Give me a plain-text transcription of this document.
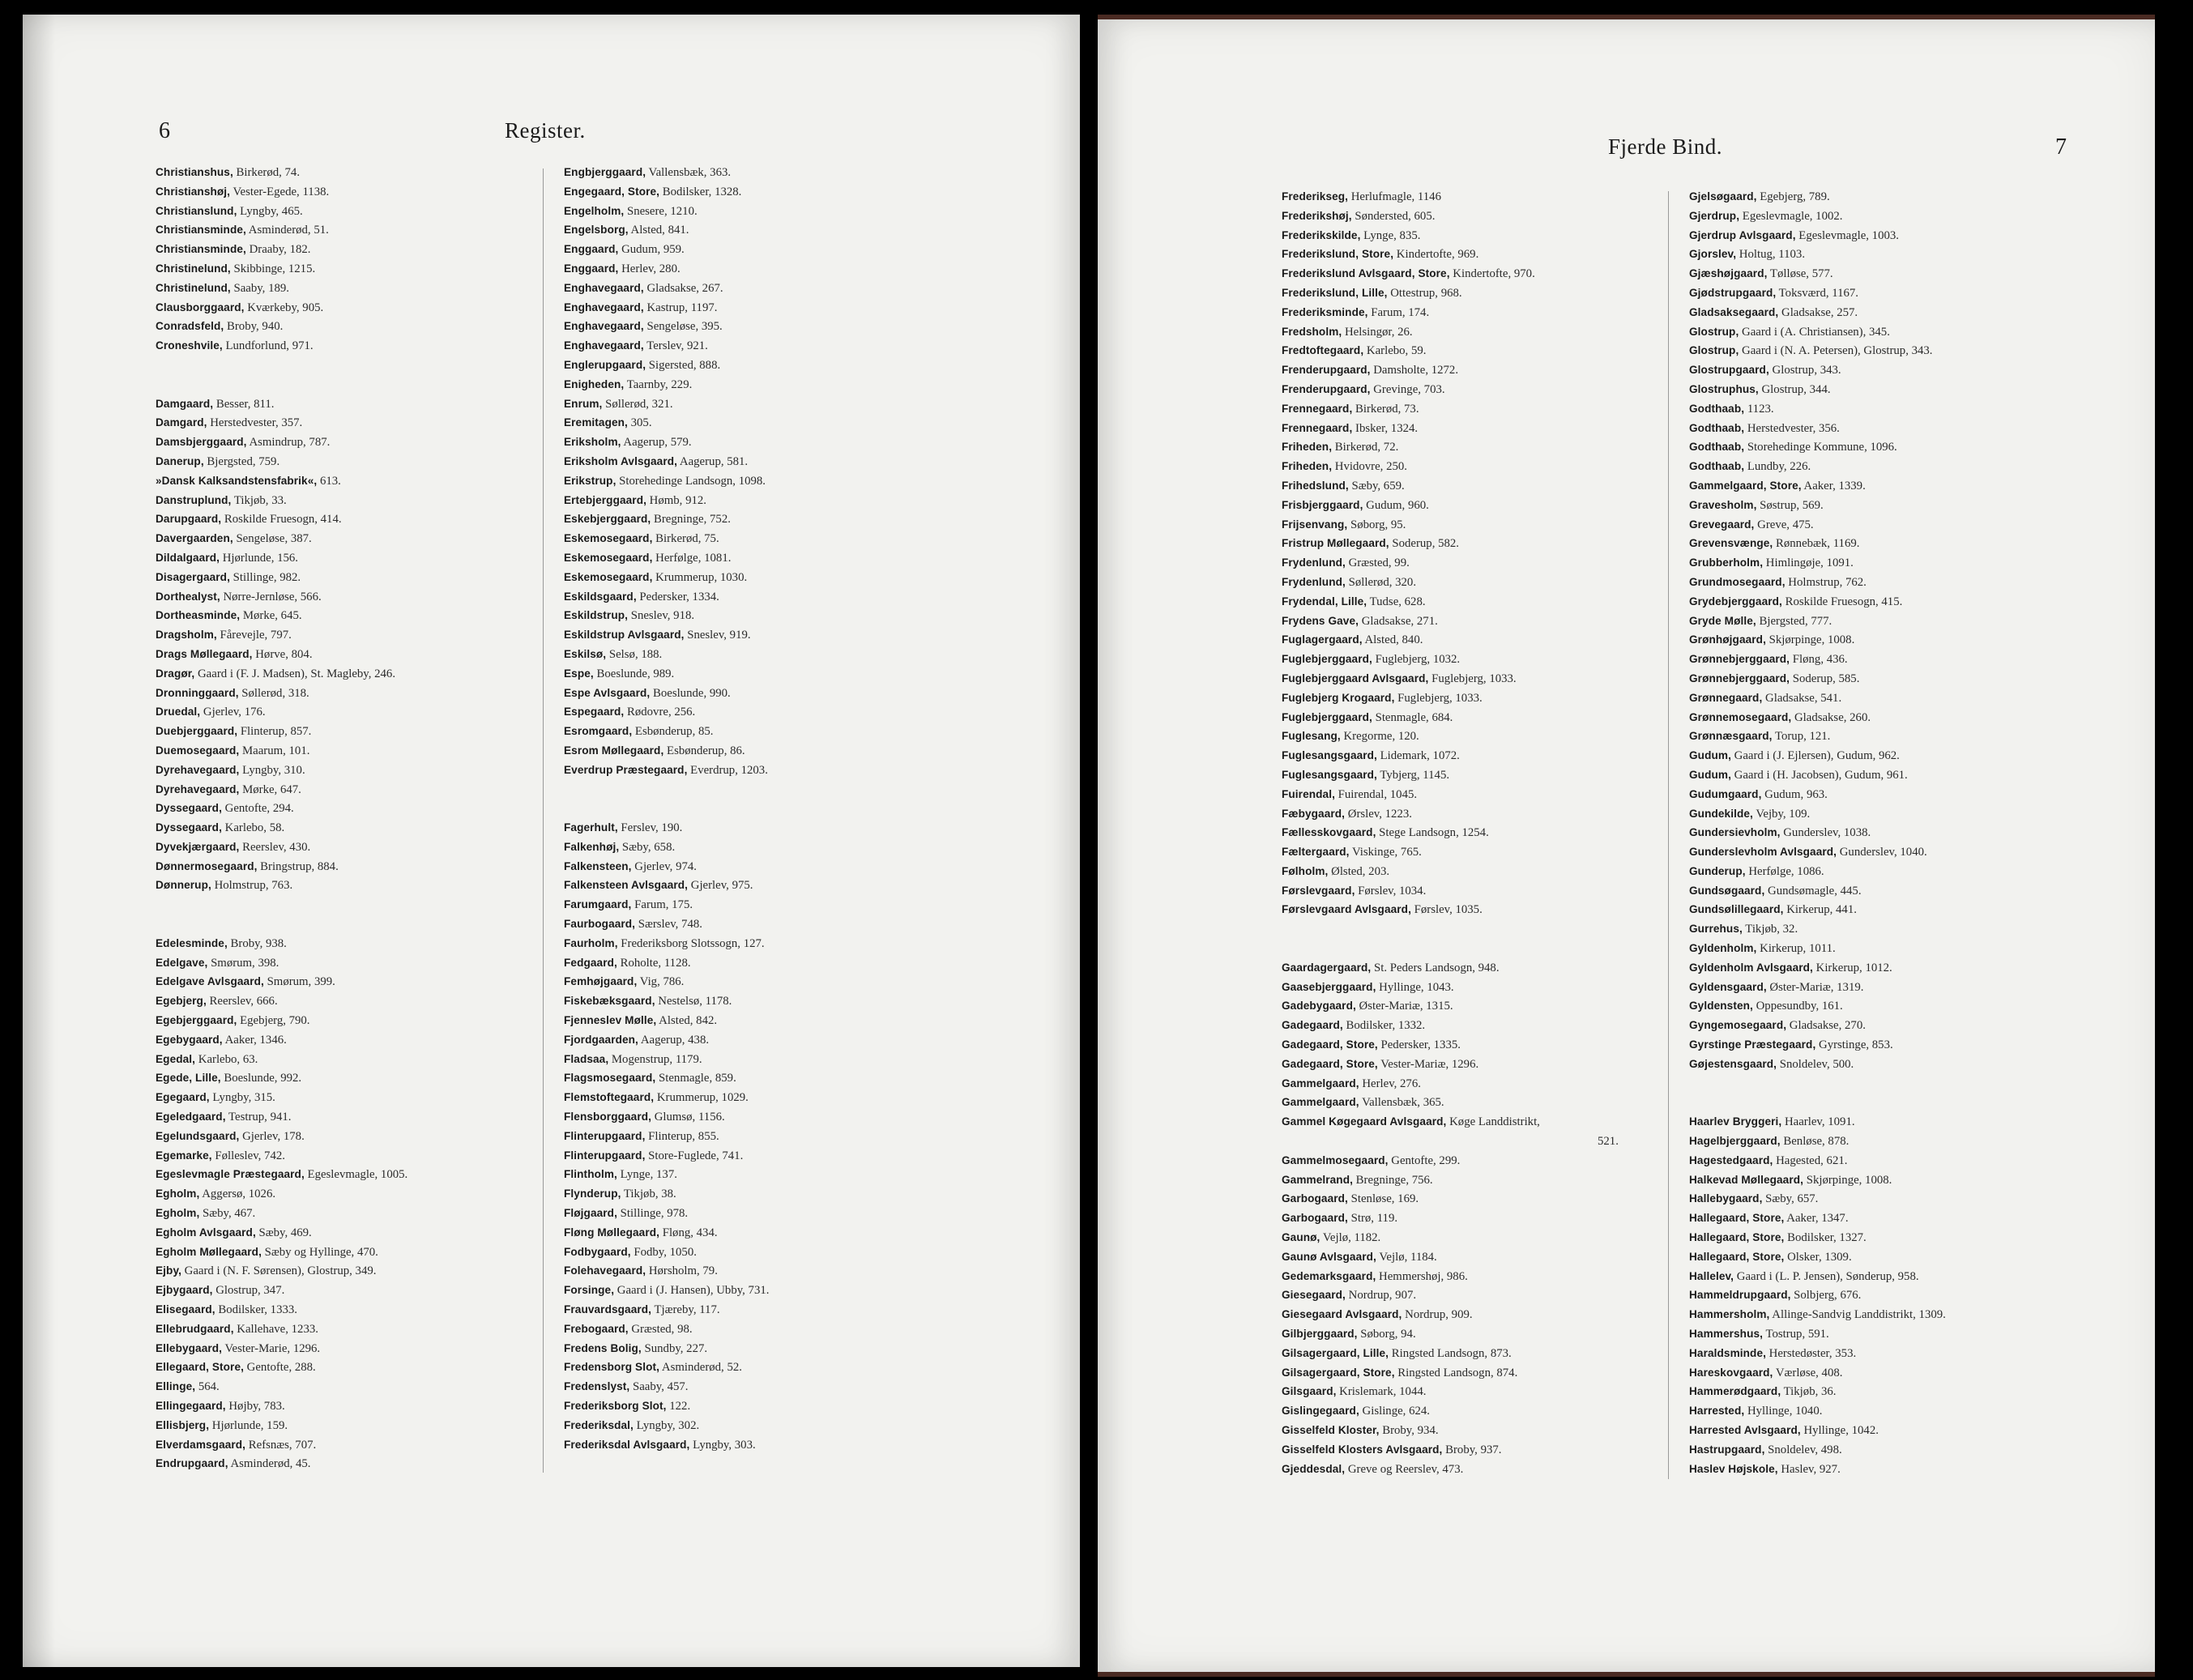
6	Register.
Christianshus, Birkerød, 74.
Christianshøj, Vester-Egede, 1138.
Christianslund, Lyngby, 465.
Christiansminde, Asminderød, 51.
Christiansminde, Draaby, 182.
Christinelund, Skibbinge, 1215.
Christinelund, Saaby, 189.
Clausborggaard, Kværkeby, 905.
Conradsfeld, Broby, 940.
Croneshvile, Lundforlund, 971.
Damgaard, Besser, 811.
Damgard, Herstedvester, 357.
Damsbjerggaard, Asmindrup, 787.
Danerup, Bjergsted, 759.
»Dansk Kalksandstensfabrik«, 613.
Danstruplund, Tikjøb, 33.
Darupgaard, Roskilde Fruesogn, 414.
Davergaarden, Sengeløse, 387.
Dildalgaard, Hjørlunde, 156.
Disagergaard, Stillinge, 982.
Dorthealyst, Nørre-Jernløse, 566.
Dortheasminde, Mørke, 645.
Dragsholm, Fårevejle, 797.
Drags Møllegaard, Hørve, 804.
Dragør, Gaard i (F. J. Madsen), St. Magleby, 246.
Dronninggaard, Søllerød, 318.
Druedal, Gjerlev, 176.
Duebjerggaard, Flinterup, 857.
Duemosegaard, Maarum, 101.
Dyrehavegaard, Lyngby, 310.
Dyrehavegaard, Mørke, 647.
Dyssegaard, Gentofte, 294.
Dyssegaard, Karlebo, 58.
Dyvekjærgaard, Reerslev, 430.
Dønnermosegaard, Bringstrup, 884.
Dønnerup, Holmstrup, 763.
Edelesminde, Broby, 938.
Edelgave, Smørum, 398.
Edelgave Avlsgaard, Smørum, 399.
Egebjerg, Reerslev, 666.
Egebjerggaard, Egebjerg, 790.
Egebygaard, Aaker, 1346.
Egedal, Karlebo, 63.
Egede, Lille, Boeslunde, 992.
Egegaard, Lyngby, 315.
Egeledgaard, Testrup, 941.
Egelundsgaard, Gjerlev, 178.
Egemarke, Følleslev, 742.
Egeslevmagle Præstegaard, Egeslevmagle, 1005.
Egholm, Aggersø, 1026.
Egholm, Sæby, 467.
Egholm Avlsgaard, Sæby, 469.
Egholm Møllegaard, Sæby og Hyllinge, 470.
Ejby, Gaard i (N. F. Sørensen), Glostrup, 349.
Ejbygaard, Glostrup, 347.
Elisegaard, Bodilsker, 1333.
Ellebrudgaard, Kallehave, 1233.
Ellebygaard, Vester-Marie, 1296.
Ellegaard, Store, Gentofte, 288.
Ellinge, 564.
Ellingegaard, Højby, 783.
Ellisbjerg, Hjørlunde, 159.
Elverdamsgaard, Refsnæs, 707.
Endrupgaard, Asminderød, 45.
Engbjerggaard, Vallensbæk, 363.
Engegaard, Store, Bodilsker, 1328.
Engelholm, Snesere, 1210.
Engelsborg, Alsted, 841.
Enggaard, Gudum, 959.
Enggaard, Herlev, 280.
Enghavegaard, Gladsakse, 267.
Enghavegaard, Kastrup, 1197.
Enghavegaard, Sengeløse, 395.
Enghavegaard, Terslev, 921.
Englerupgaard, Sigersted, 888.
Enigheden, Taarnby, 229.
Enrum, Søllerød, 321.
Eremitagen, 305.
Eriksholm, Aagerup, 579.
Eriksholm Avlsgaard, Aagerup, 581.
Erikstrup, Storehedinge Landsogn, 1098.
Ertebjerggaard, Hømb, 912.
Eskebjerggaard, Bregninge, 752.
Eskemosegaard, Birkerød, 75.
Eskemosegaard, Herfølge, 1081.
Eskemosegaard, Krummerup, 1030.
Eskildsgaard, Pedersker, 1334.
Eskildstrup, Sneslev, 918.
Eskildstrup Avlsgaard, Sneslev, 919.
Eskilsø, Selsø, 188.
Espe, Boeslunde, 989.
Espe Avlsgaard, Boeslunde, 990.
Espegaard, Rødovre, 256.
Esromgaard, Esbønderup, 85.
Esrom Møllegaard, Esbønderup, 86.
Everdrup Præstegaard, Everdrup, 1203.
Fagerhult, Ferslev, 190.
Falkenhøj, Sæby, 658.
Falkensteen, Gjerlev, 974.
Falkensteen Avlsgaard, Gjerlev, 975.
Farumgaard, Farum, 175.
Faurbogaard, Særslev, 748.
Faurholm, Frederiksborg Slotssogn, 127.
Fedgaard, Roholte, 1128.
Femhøjgaard, Vig, 786.
Fiskebæksgaard, Nestelsø, 1178.
Fjenneslev Mølle, Alsted, 842.
Fjordgaarden, Aagerup, 438.
Fladsaa, Mogenstrup, 1179.
Flagsmosegaard, Stenmagle, 859.
Flemstoftegaard, Krummerup, 1029.
Flensborggaard, Glumsø, 1156.
Flinterupgaard, Flinterup, 855.
Flinterupgaard, Store-Fuglede, 741.
Flintholm, Lynge, 137.
Flynderup, Tikjøb, 38.
Fløjgaard, Stillinge, 978.
Fløng Møllegaard, Fløng, 434.
Fodbygaard, Fodby, 1050.
Folehavegaard, Hørsholm, 79.
Forsinge, Gaard i (J. Hansen), Ubby, 731.
Frauvardsgaard, Tjæreby, 117.
Frebogaard, Græsted, 98.
Fredens Bolig, Sundby, 227.
Fredensborg Slot, Asminderød, 52.
Fredenslyst, Saaby, 457.
Frederiksborg Slot, 122.
Frederiksdal, Lyngby, 302.
Frederiksdal Avlsgaard, Lyngby, 303.
Fjerde Bind.	7
Frederikseg, Herlufmagle, 1146
Frederikshøj, Søndersted, 605.
Frederikskilde, Lynge, 835.
Frederikslund, Store, Kindertofte, 969.
Frederikslund Avlsgaard, Store, Kindertofte, 970.
Frederikslund, Lille, Ottestrup, 968.
Frederiksminde, Farum, 174.
Fredsholm, Helsingør, 26.
Fredtoftegaard, Karlebo, 59.
Frenderupgaard, Damsholte, 1272.
Frenderupgaard, Grevinge, 703.
Frennegaard, Birkerød, 73.
Frennegaard, Ibsker, 1324.
Friheden, Birkerød, 72.
Friheden, Hvidovre, 250.
Frihedslund, Sæby, 659.
Frisbjerggaard, Gudum, 960.
Frijsenvang, Søborg, 95.
Fristrup Møllegaard, Soderup, 582.
Frydenlund, Græsted, 99.
Frydenlund, Søllerød, 320.
Frydendal, Lille, Tudse, 628.
Frydens Gave, Gladsakse, 271.
Fuglagergaard, Alsted, 840.
Fuglebjerggaard, Fuglebjerg, 1032.
Fuglebjerggaard Avlsgaard, Fuglebjerg, 1033.
Fuglebjerg Krogaard, Fuglebjerg, 1033.
Fuglebjerggaard, Stenmagle, 684.
Fuglesang, Kregorme, 120.
Fuglesangsgaard, Lidemark, 1072.
Fuglesangsgaard, Tybjerg, 1145.
Fuirendal, Fuirendal, 1045.
Fæbygaard, Ørslev, 1223.
Fællesskovgaard, Stege Landsogn, 1254.
Fæltergaard, Viskinge, 765.
Følholm, Ølsted, 203.
Førslevgaard, Førslev, 1034.
Førslevgaard Avlsgaard, Førslev, 1035.
Gaardagergaard, St. Peders Landsogn, 948.
Gaasebjerggaard, Hyllinge, 1043.
Gadebygaard, Øster-Mariæ, 1315.
Gadegaard, Bodilsker, 1332.
Gadegaard, Store, Pedersker, 1335.
Gadegaard, Store, Vester-Mariæ, 1296.
Gammelgaard, Herlev, 276.
Gammelgaard, Vallensbæk, 365.
Gammel Køgegaard Avlsgaard, Køge Landdistrikt,
521.
Gammelmosegaard, Gentofte, 299.
Gammelrand, Bregninge, 756.
Garbogaard, Stenløse, 169.
Garbogaard, Strø, 119.
Gaunø, Vejlø, 1182.
Gaunø Avlsgaard, Vejlø, 1184.
Gedemarksgaard, Hemmershøj, 986.
Giesegaard, Nordrup, 907.
Giesegaard Avlsgaard, Nordrup, 909.
Gilbjerggaard, Søborg, 94.
Gilsagergaard, Lille, Ringsted Landsogn, 873.
Gilsagergaard, Store, Ringsted Landsogn, 874.
Gilsgaard, Krislemark, 1044.
Gislingegaard, Gislinge, 624.
Gisselfeld Kloster, Broby, 934.
Gisselfeld Klosters Avlsgaard, Broby, 937.
Gjeddesdal, Greve og Reerslev, 473.
Gjelsøgaard, Egebjerg, 789.
Gjerdrup, Egeslevmagle, 1002.
Gjerdrup Avlsgaard, Egeslevmagle, 1003.
Gjorslev, Holtug, 1103.
Gjæshøjgaard, Tølløse, 577.
Gjødstrupgaard, Toksværd, 1167.
Gladsaksegaard, Gladsakse, 257.
Glostrup, Gaard i (A. Christiansen), 345.
Glostrup, Gaard i (N. A. Petersen), Glostrup, 343.
Glostrupgaard, Glostrup, 343.
Glostruphus, Glostrup, 344.
Godthaab, 1123.
Godthaab, Herstedvester, 356.
Godthaab, Storehedinge Kommune, 1096.
Godthaab, Lundby, 226.
Gammelgaard, Store, Aaker, 1339.
Gravesholm, Søstrup, 569.
Grevegaard, Greve, 475.
Grevensvænge, Rønnebæk, 1169.
Grubberholm, Himlingøje, 1091.
Grundmosegaard, Holmstrup, 762.
Grydebjerggaard, Roskilde Fruesogn, 415.
Gryde Mølle, Bjergsted, 777.
Grønhøjgaard, Skjørpinge, 1008.
Grønnebjerggaard, Fløng, 436.
Grønnebjerggaard, Soderup, 585.
Grønnegaard, Gladsakse, 541.
Grønnemosegaard, Gladsakse, 260.
Grønnæsgaard, Torup, 121.
Gudum, Gaard i (J. Ejlersen), Gudum, 962.
Gudum, Gaard i (H. Jacobsen), Gudum, 961.
Gudumgaard, Gudum, 963.
Gundekilde, Vejby, 109.
Gundersievholm, Gunderslev, 1038.
Gunderslevholm Avlsgaard, Gunderslev, 1040.
Gunderup, Herfølge, 1086.
Gundsøgaard, Gundsømagle, 445.
Gundsølillegaard, Kirkerup, 441.
Gurrehus, Tikjøb, 32.
Gyldenholm, Kirkerup, 1011.
Gyldenholm Avlsgaard, Kirkerup, 1012.
Gyldensgaard, Øster-Mariæ, 1319.
Gyldensten, Oppesundby, 161.
Gyngemosegaard, Gladsakse, 270.
Gyrstinge Præstegaard, Gyrstinge, 853.
Gøjestensgaard, Snoldelev, 500.
Haarlev Bryggeri, Haarlev, 1091.
Hagelbjerggaard, Benløse, 878.
Hagestedgaard, Hagested, 621.
Halkevad Møllegaard, Skjørpinge, 1008.
Hallebygaard, Sæby, 657.
Hallegaard, Store, Aaker, 1347.
Hallegaard, Store, Bodilsker, 1327.
Hallegaard, Store, Olsker, 1309.
Hallelev, Gaard i (L. P. Jensen), Sønderup, 958.
Hammeldrupgaard, Solbjerg, 676.
Hammersholm, Allinge-Sandvig Landdistrikt, 1309.
Hammershus, Tostrup, 591.
Haraldsminde, Herstedøster, 353.
Hareskovgaard, Værløse, 408.
Hammerødgaard, Tikjøb, 36.
Harrested, Hyllinge, 1040.
Harrested Avlsgaard, Hyllinge, 1042.
Hastrupgaard, Snoldelev, 498.
Haslev Højskole, Haslev, 927.
